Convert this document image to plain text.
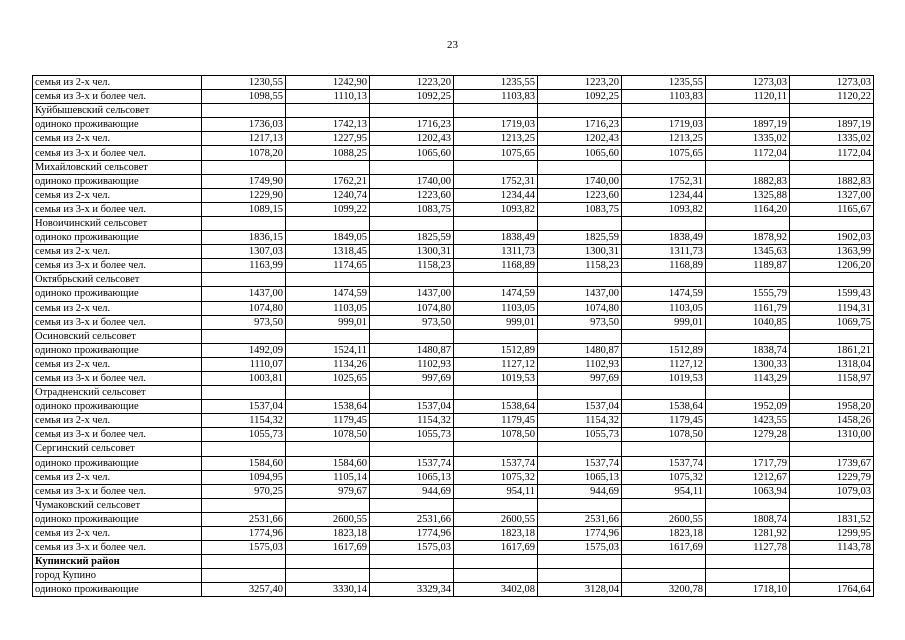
23
семья из 2-х чел.	1230,55	1242,90	1223,20	1235,55	1223,20	1235,55	1273,03	1273,03
семья из 3-х и более чел.	1098,55	1110,13	1092,25	1103,83	1092,25	1103,83	1120,11	1120,22
Куйбышевский сельсовет								
одиноко проживающие	1736,03	1742,13	1716,23	1719,03	1716,23	1719,03	1897,19	1897,19
семья из 2-х чел.	1217,13	1227,95	1202,43	1213,25	1202,43	1213,25	1335,02	1335,02
семья из 3-х и более чел.	1078,20	1088,25	1065,60	1075,65	1065,60	1075,65	1172,04	1172,04
Михайловский сельсовет								
одиноко проживающие	1749,90	1762,21	1740,00	1752,31	1740,00	1752,31	1882,83	1882,83
семья из 2-х чел.	1229,90	1240,74	1223,60	1234,44	1223,60	1234,44	1325,88	1327,00
семья из 3-х и более чел.	1089,15	1099,22	1083,75	1093,82	1083,75	1093,82	1164,20	1165,67
Новоичинский сельсовет								
одиноко проживающие	1836,15	1849,05	1825,59	1838,49	1825,59	1838,49	1878,92	1902,03
семья из 2-х чел.	1307,03	1318,45	1300,31	1311,73	1300,31	1311,73	1345,63	1363,99
семья из 3-х и более чел.	1163,99	1174,65	1158,23	1168,89	1158,23	1168,89	1189,87	1206,20
Октябрьский сельсовет								
одиноко проживающие	1437,00	1474,59	1437,00	1474,59	1437,00	1474,59	1555,79	1599,43
семья из 2-х чел.	1074,80	1103,05	1074,80	1103,05	1074,80	1103,05	1161,79	1194,31
семья из 3-х и более чел.	973,50	999,01	973,50	999,01	973,50	999,01	1040,85	1069,75
Осиновский сельсовет								
одиноко проживающие	1492,09	1524,11	1480,87	1512,89	1480,87	1512,89	1838,74	1861,21
семья из 2-х чел.	1110,07	1134,26	1102,93	1127,12	1102,93	1127,12	1300,33	1318,04
семья из 3-х и более чел.	1003,81	1025,65	997,69	1019,53	997,69	1019,53	1143,29	1158,97
Отрадненский сельсовет								
одиноко проживающие	1537,04	1538,64	1537,04	1538,64	1537,04	1538,64	1952,09	1958,20
семья из 2-х чел.	1154,32	1179,45	1154,32	1179,45	1154,32	1179,45	1423,55	1458,26
семья из 3-х и более чел.	1055,73	1078,50	1055,73	1078,50	1055,73	1078,50	1279,28	1310,00
Сергинский сельсовет								
одиноко проживающие	1584,60	1584,60	1537,74	1537,74	1537,74	1537,74	1717,79	1739,67
семья из 2-х чел.	1094,95	1105,14	1065,13	1075,32	1065,13	1075,32	1212,67	1229,79
семья из 3-х и более чел.	970,25	979,67	944,69	954,11	944,69	954,11	1063,94	1079,03
Чумаковский сельсовет								
одиноко проживающие	2531,66	2600,55	2531,66	2600,55	2531,66	2600,55	1808,74	1831,52
семья из 2-х чел.	1774,96	1823,18	1774,96	1823,18	1774,96	1823,18	1281,92	1299,95
семья из 3-х и более чел.	1575,03	1617,69	1575,03	1617,69	1575,03	1617,69	1127,78	1143,78
Купинский район								
город Купино								
одиноко проживающие	3257,40	3330,14	3329,34	3402,08	3128,04	3200,78	1718,10	1764,64
